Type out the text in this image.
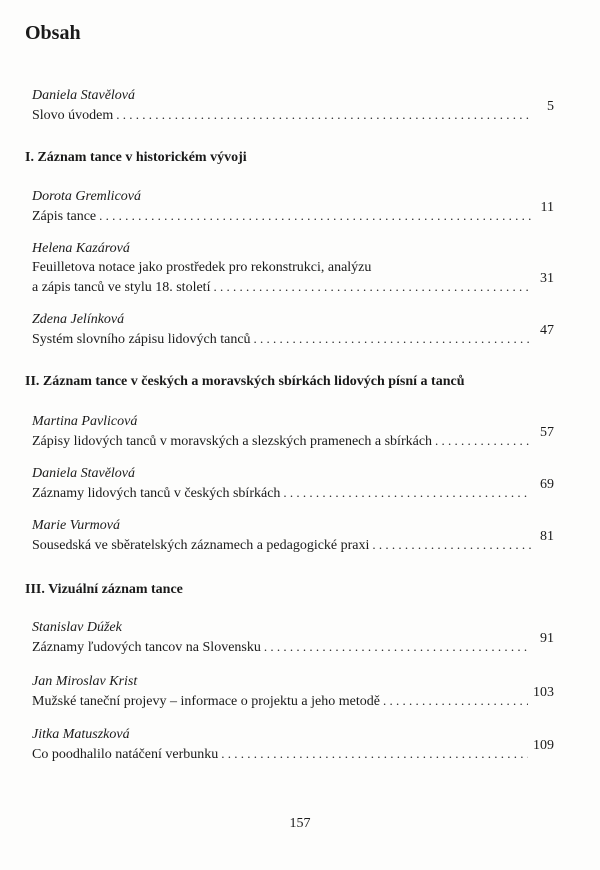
Obsah
Daniela Stavělová
Slovo úvodem
. . .
5
I. Záznam tance v historickém vývoji
Dorota Gremlicová
Zápis tance
. . .
11
Helena Kazárová
Feuilletova notace jako prostředek pro rekonstrukci, analýzu
a zápis tanců ve stylu 18. století
. . .
31
Zdena Jelínková
Systém slovního zápisu lidových tanců
. . .
47
II. Záznam tance v českých a moravských sbírkách lidových písní a tanců
Martina Pavlicová
Zápisy lidových tanců v moravských a slezských pramenech a sbírkách
. . .
57
Daniela Stavělová
Záznamy lidových tanců v českých sbírkách
. . .
69
Marie Vurmová
Sousedská ve sběratelských záznamech a pedagogické praxi
. . .
81
III. Vizuální záznam tance
Stanislav Dúžek
Záznamy ľudových tancov na Slovensku
. . .
91
Jan Miroslav Krist
Mužské taneční projevy – informace o projektu a jeho metodě
. . .
103
Jitka Matuszková
Co poodhalilo natáčení verbunku
. . .
109
157
